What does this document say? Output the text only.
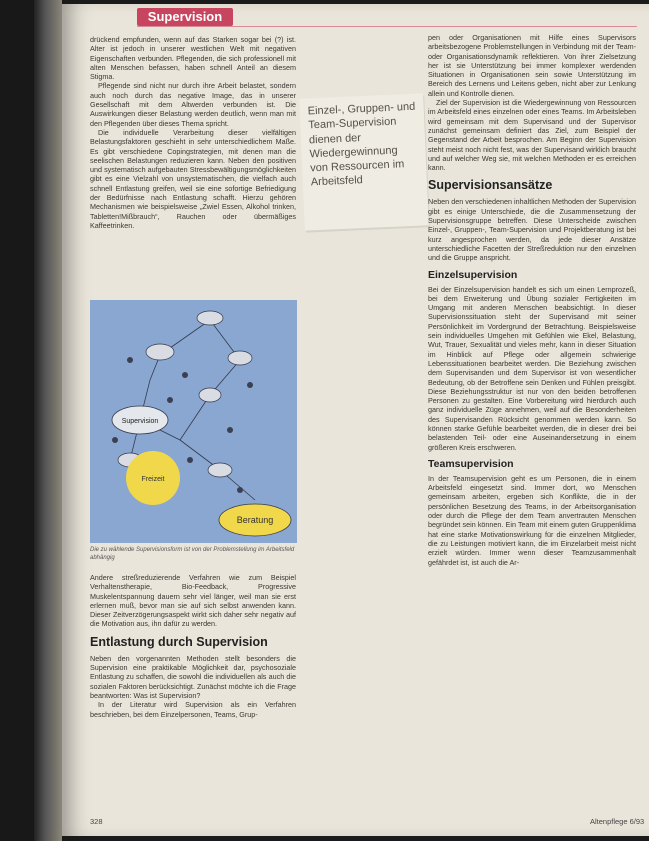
Supervision

drückend empfunden, wenn auf das Starken sogar bei (?) ist. Alter ist jedoch in unserer westlichen Welt mit negativen Eigenschaften verbunden. Pflegenden, die sich professionell mit alten Menschen befassen, haben schnell Anteil an diesem Stigma.

Pflegende sind nicht nur durch ihre Arbeit belastet, sondern auch noch durch das negative Image, das in unserer Gesellschaft mit dem Altwerden verbunden ist. Die Auswirkungen dieser Belastung werden deutlich, wenn man mit den Pflegenden über dieses Thema spricht.

Die individuelle Verarbeitung dieser vielfältigen Belastungsfaktoren geschieht in sehr unterschiedlichem Maße. Es gibt verschiedene Copingstrategien, mit denen man die seelischen Belastungen reduzieren kann. Neben den positiven und systematisch aufgebauten Stressbewältigungsmöglichkeiten gibt es eine Vielzahl von unsystematischen, die vielfach auch schnell Entlastung greifen, weil sie eine sofortige Befriedigung der Bedürfnisse nach Entlastung schafft. Hierzu gehören Mechanismen wie beispielsweise „Zwiel Essen, Alkohol trinken, Tabletten!Mißbrauch“, Rauchen oder übermäßiges Kaffeetrinken.

Einzel-, Gruppen- und Team-Supervision dienen der Wiedergewinnung von Ressourcen im Arbeitsfeld
Supervision
Freizeit
Beratung
Die zu wählende Supervisionsform ist von der Problemstellung im Arbeitsfeld abhängig

Andere streßreduzierende Verfahren wie zum Beispiel Verhaltenstherapie, Bio-Feedback, Progressive Muskelentspannung dauern sehr viel länger, weil man sie erst erlernen muß, bevor man sie auf sich selbst anwenden kann. Dieser Zeitverzögerungsaspekt wirkt sich daher sehr negativ auf die Motivation aus, ihn dafür zu werden.

Entlastung durch Supervision

Neben den vorgenannten Methoden stellt besonders die Supervision eine praktikable Möglichkeit dar, psychosoziale Entlastung zu schaffen, die sowohl die individuellen als auch die sozialen Faktoren berücksichtigt. Zunächst möchte ich die Frage beantworten: Was ist Supervision?

In der Literatur wird Supervision als ein Verfahren beschrieben, bei dem Einzelpersonen, Teams, Grup-

pen oder Organisationen mit Hilfe eines Supervisors arbeitsbezogene Problemstellungen in Verbindung mit der Team- oder Organisationsdynamik reflektieren. Von ihrer Zielsetzung her ist sie Unterstützung bei immer komplexer werdenden Situationen in Organisationen sein sowie Unterstützung im Bereich des Lernens und Leitens geben, nicht aber zur Lenkung allein und Kontrolle dienen.

Ziel der Supervision ist die Wiedergewinnung von Ressourcen im Arbeitsfeld eines einzelnen oder eines Teams. Im Arbeitsleben wird gemeinsam mit dem Supervisand und der Supervisor zunächst gemeinsam definiert das Ziel, zum Beispiel der Gegenstand der Arbeit besprochen. Am Beginn der Supervision steht meist noch nicht fest, was der Supervisand wirklich braucht und auf welcher Weg sie, mit welchen Methoden er es erreichen kann.

Supervisionsansätze

Neben den verschiedenen inhaltlichen Methoden der Supervision gibt es einige Unterschiede, die die Zusammensetzung der Supervisionsgruppe betreffen. Diese Unterscheide zwischen Einzel-, Gruppen-, Team-Supervision und Projektberatung ist bei kurz angesprochen werden, da jede dieser Ansätze unterschiedliche Facetten der Streßreduktion nur den einzelnen und die Gruppe anspricht.

Einzelsupervision

Bei der Einzelsupervision handelt es sich um einen Lernprozeß, bei dem Erweiterung und Übung sozialer Fertigkeiten im Umgang mit anderen Menschen beabsichtigt. In dieser Supervisionssituation steht der Supervisand mit seiner Persönlichkeit im Vordergrund der Betrachtung. Beispielsweise sein individuelles Umgehen mit Gefühlen wie Ekel, Belastung, Wut, Trauer, Sexualität und vieles mehr, kann in dieser Situation im Hinblick auf Pflege oder allgemein schwierige Lebenssituationen bearbeitet werden. Die Beziehung zwischen dem Supervisanden und dem Supervisor ist von wesentlicher Bedeutung, ob der Betroffene sein Denken und Fühlen preisgibt. Diese Beziehungsstruktur ist nur von den beiden betroffenen Personen zu gestalten. Eine Vorbereitung wird hierdurch auch ganz individuelle Züge annehmen, weil auf die Besonderheiten des Supervisanden Rücksicht genommen werden kann. So können starke Gefühle bearbeitet werden, die in dieser drei bei belastenden Teil- oder eine Auseinandersetzung in einem größeren Kreis erschweren.

Teamsupervision

In der Teamsupervision geht es um Personen, die in einem Arbeitsfeld eingesetzt sind. Immer dort, wo Menschen gemeinsam arbeiten, ergeben sich Konflikte, die in der persönlichen Besetzung des Teams, in der Arbeitsorganisation oder durch die Pflege der dem Team anvertrauten Menschen begründet sein können. Ein Team mit einem guten Gruppenklima hat eine starke Motivationswirkung für die einzelnen Mitglieder, die zu Leistungen motiviert kann, die im Einzelarbeit meist nicht erzielt würden. Immer wenn dieser Teamzusammenhalt gefährdet ist, ist auch die Ar-

328	Altenpflege 6/93
